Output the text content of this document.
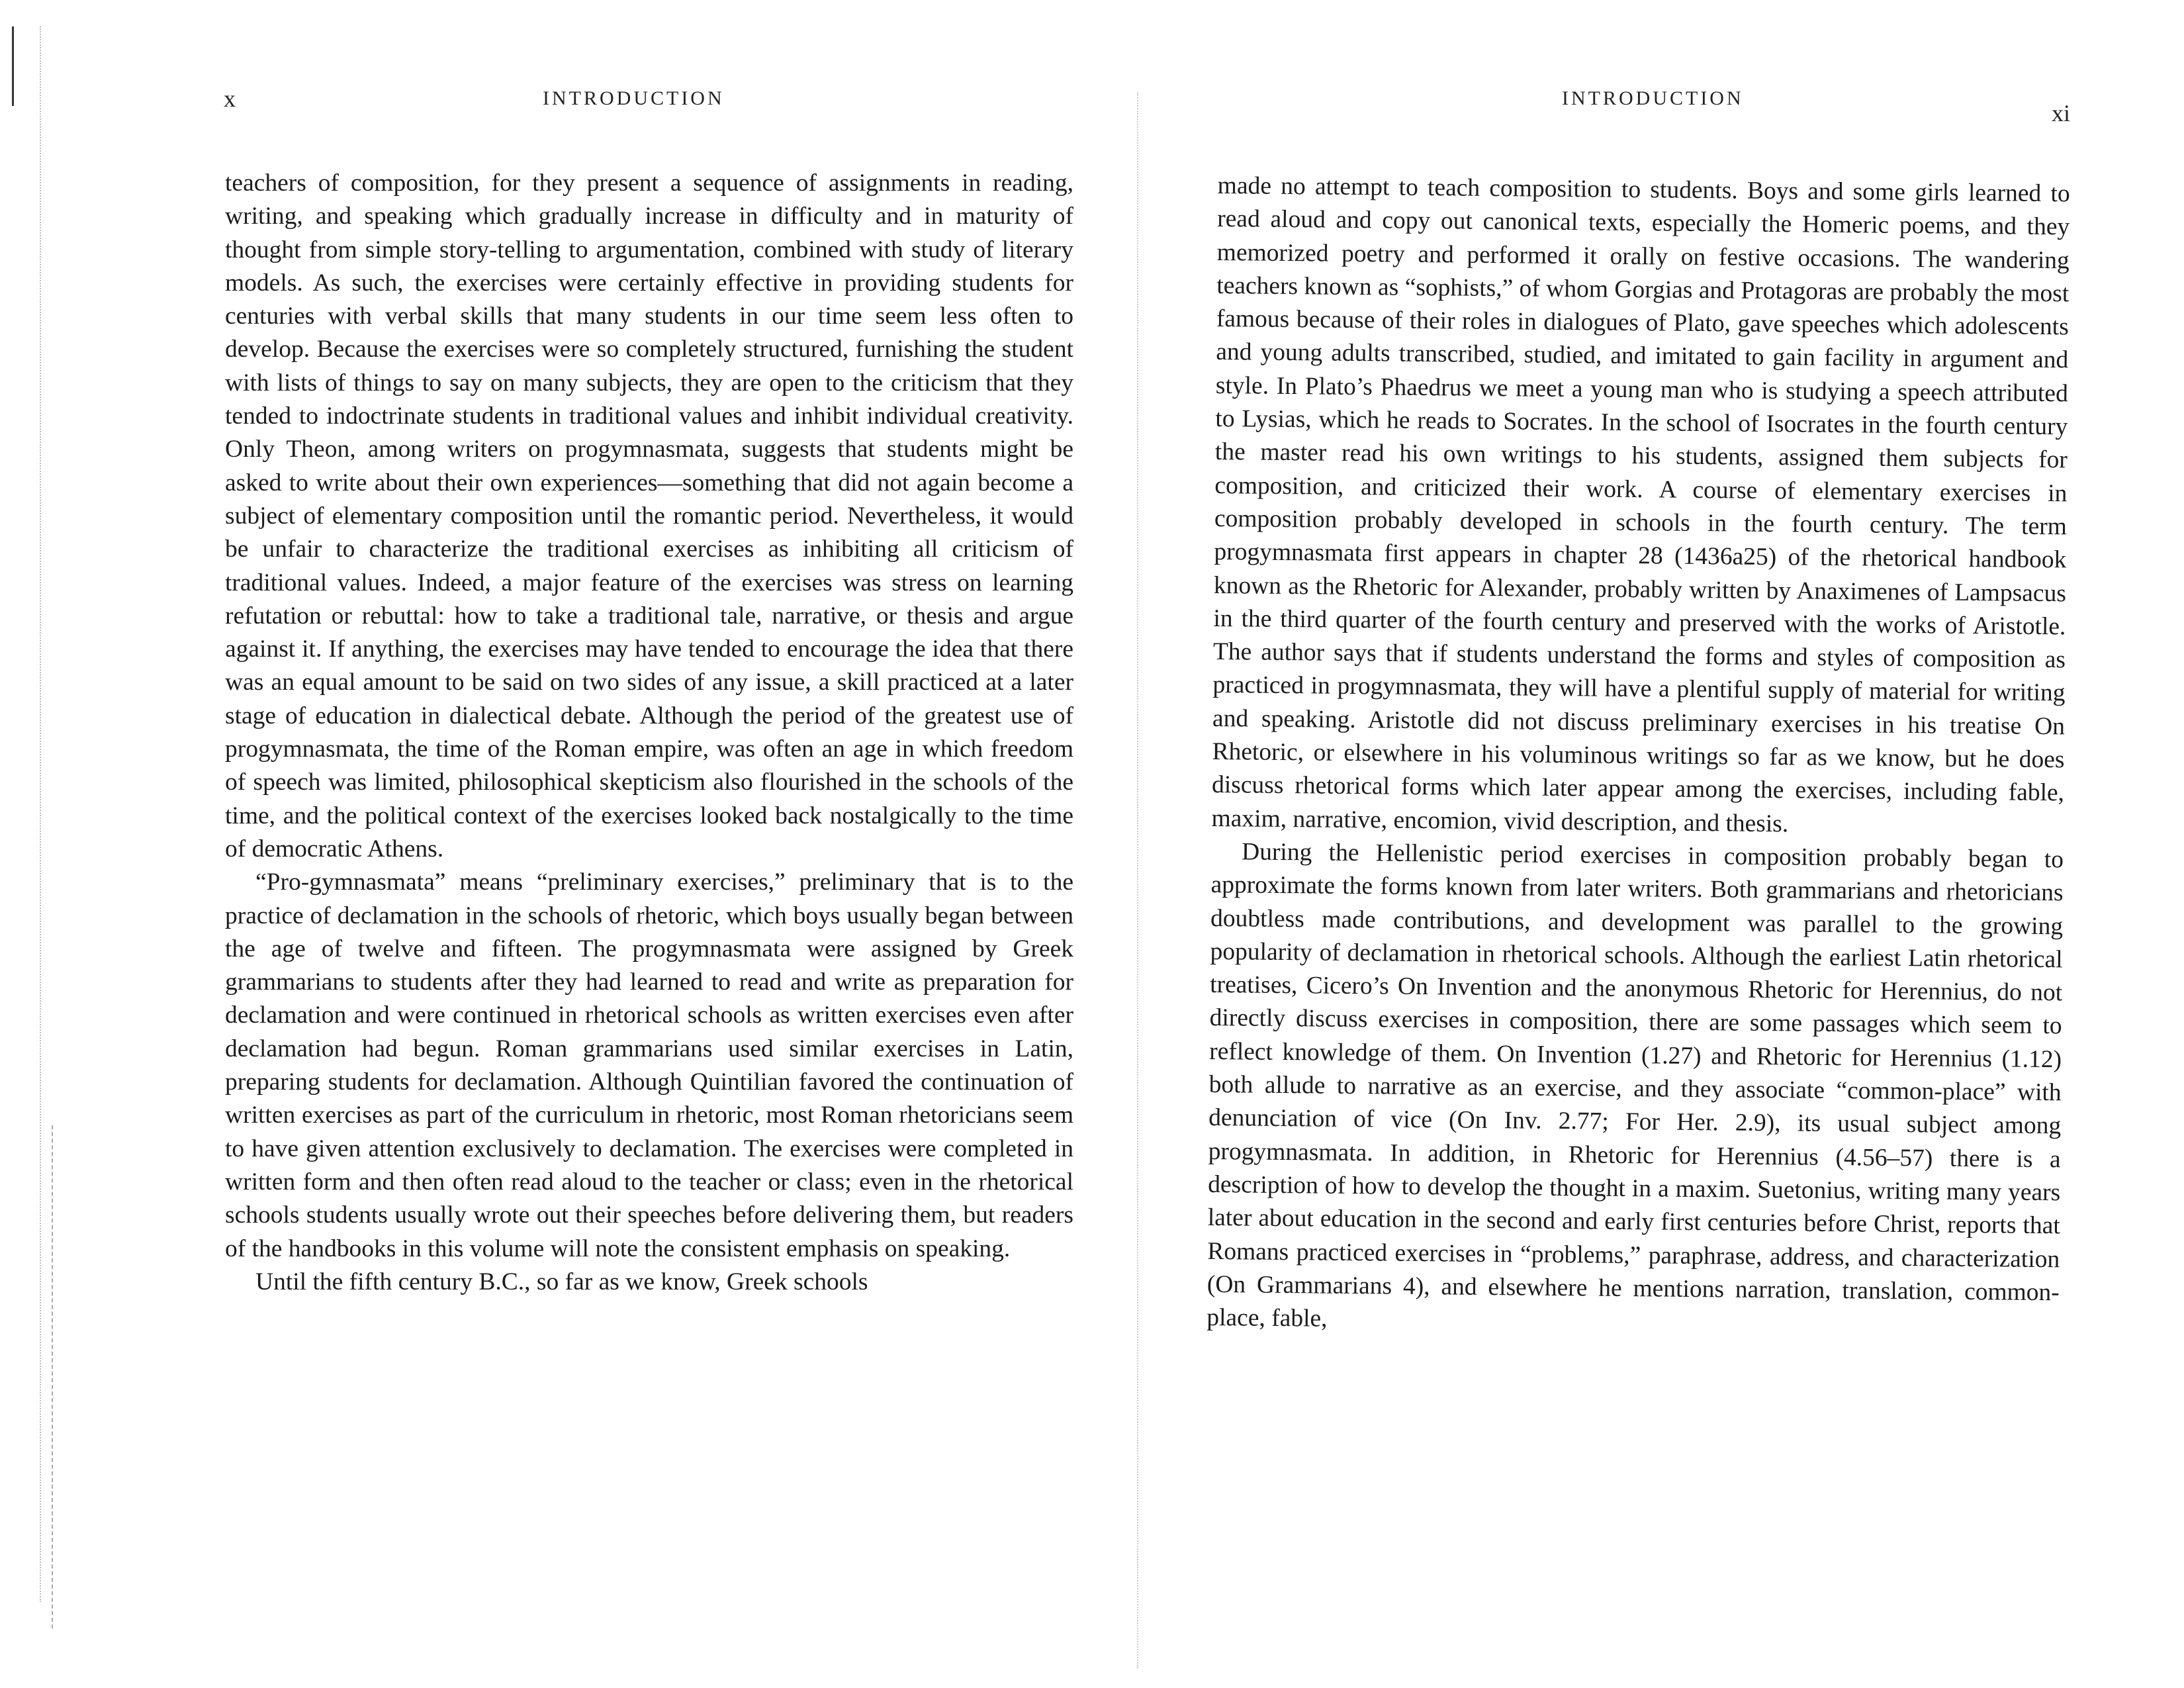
x	INTRODUCTION

teachers of composition, for they present a sequence of assignments in reading, writing, and speaking which gradually increase in difficulty and in maturity of thought from simple story-telling to argumentation, combined with study of literary models. As such, the exercises were certainly effective in providing students for centuries with verbal skills that many students in our time seem less often to develop. Because the exercises were so completely structured, furnishing the student with lists of things to say on many subjects, they are open to the criticism that they tended to indoctrinate students in traditional values and inhibit individual creativity. Only Theon, among writers on progymnasmata, suggests that students might be asked to write about their own experiences—something that did not again become a subject of elementary composition until the romantic period. Nevertheless, it would be unfair to characterize the traditional exercises as inhibiting all criticism of traditional values. Indeed, a major feature of the exercises was stress on learning refutation or rebuttal: how to take a traditional tale, narrative, or thesis and argue against it. If anything, the exercises may have tended to encourage the idea that there was an equal amount to be said on two sides of any issue, a skill practiced at a later stage of education in dialectical debate. Although the period of the greatest use of progymnasmata, the time of the Roman empire, was often an age in which freedom of speech was limited, philosophical skepticism also flourished in the schools of the time, and the political context of the exercises looked back nostalgically to the time of democratic Athens.

“Pro-gymnasmata” means “preliminary exercises,” preliminary that is to the practice of declamation in the schools of rhetoric, which boys usually began between the age of twelve and fifteen. The progymnasmata were assigned by Greek grammarians to students after they had learned to read and write as preparation for declamation and were continued in rhetorical schools as written exercises even after declamation had begun. Roman grammarians used similar exercises in Latin, preparing students for declamation. Although Quintilian favored the continuation of written exercises as part of the curriculum in rhetoric, most Roman rhetoricians seem to have given attention exclusively to declamation. The exercises were completed in written form and then often read aloud to the teacher or class; even in the rhetorical schools students usually wrote out their speeches before delivering them, but readers of the handbooks in this volume will note the consistent emphasis on speaking.

Until the fifth century B.C., so far as we know, Greek schools

INTRODUCTION
xi

made no attempt to teach composition to students. Boys and some girls learned to read aloud and copy out canonical texts, especially the Homeric poems, and they memorized poetry and performed it orally on festive occasions. The wandering teachers known as “sophists,” of whom Gorgias and Protagoras are probably the most famous because of their roles in dialogues of Plato, gave speeches which adolescents and young adults transcribed, studied, and imitated to gain facility in argument and style. In Plato’s Phaedrus we meet a young man who is studying a speech attributed to Lysias, which he reads to Socrates. In the school of Isocrates in the fourth century the master read his own writings to his students, assigned them subjects for composition, and criticized their work. A course of elementary exercises in composition probably developed in schools in the fourth century. The term progymnasmata first appears in chapter 28 (1436a25) of the rhetorical handbook known as the Rhetoric for Alexander, probably written by Anaximenes of Lampsacus in the third quarter of the fourth century and preserved with the works of Aristotle. The author says that if students understand the forms and styles of composition as practiced in progymnasmata, they will have a plentiful supply of material for writing and speaking. Aristotle did not discuss preliminary exercises in his treatise On Rhetoric, or elsewhere in his voluminous writings so far as we know, but he does discuss rhetorical forms which later appear among the exercises, including fable, maxim, narrative, encomion, vivid description, and thesis.

During the Hellenistic period exercises in composition probably began to approximate the forms known from later writers. Both grammarians and rhetoricians doubtless made contributions, and development was parallel to the growing popularity of declamation in rhetorical schools. Although the earliest Latin rhetorical treatises, Cicero’s On Invention and the anonymous Rhetoric for Herennius, do not directly discuss exercises in composition, there are some passages which seem to reflect knowledge of them. On Invention (1.27) and Rhetoric for Herennius (1.12) both allude to narrative as an exercise, and they associate “common-place” with denunciation of vice (On Inv. 2.77; For Her. 2.9), its usual subject among progymnasmata. In addition, in Rhetoric for Herennius (4.56–57) there is a description of how to develop the thought in a maxim. Suetonius, writing many years later about education in the second and early first centuries before Christ, reports that Romans practiced exercises in “problems,” paraphrase, address, and characterization (On Grammarians 4), and elsewhere he mentions narration, translation, common-place, fable,
